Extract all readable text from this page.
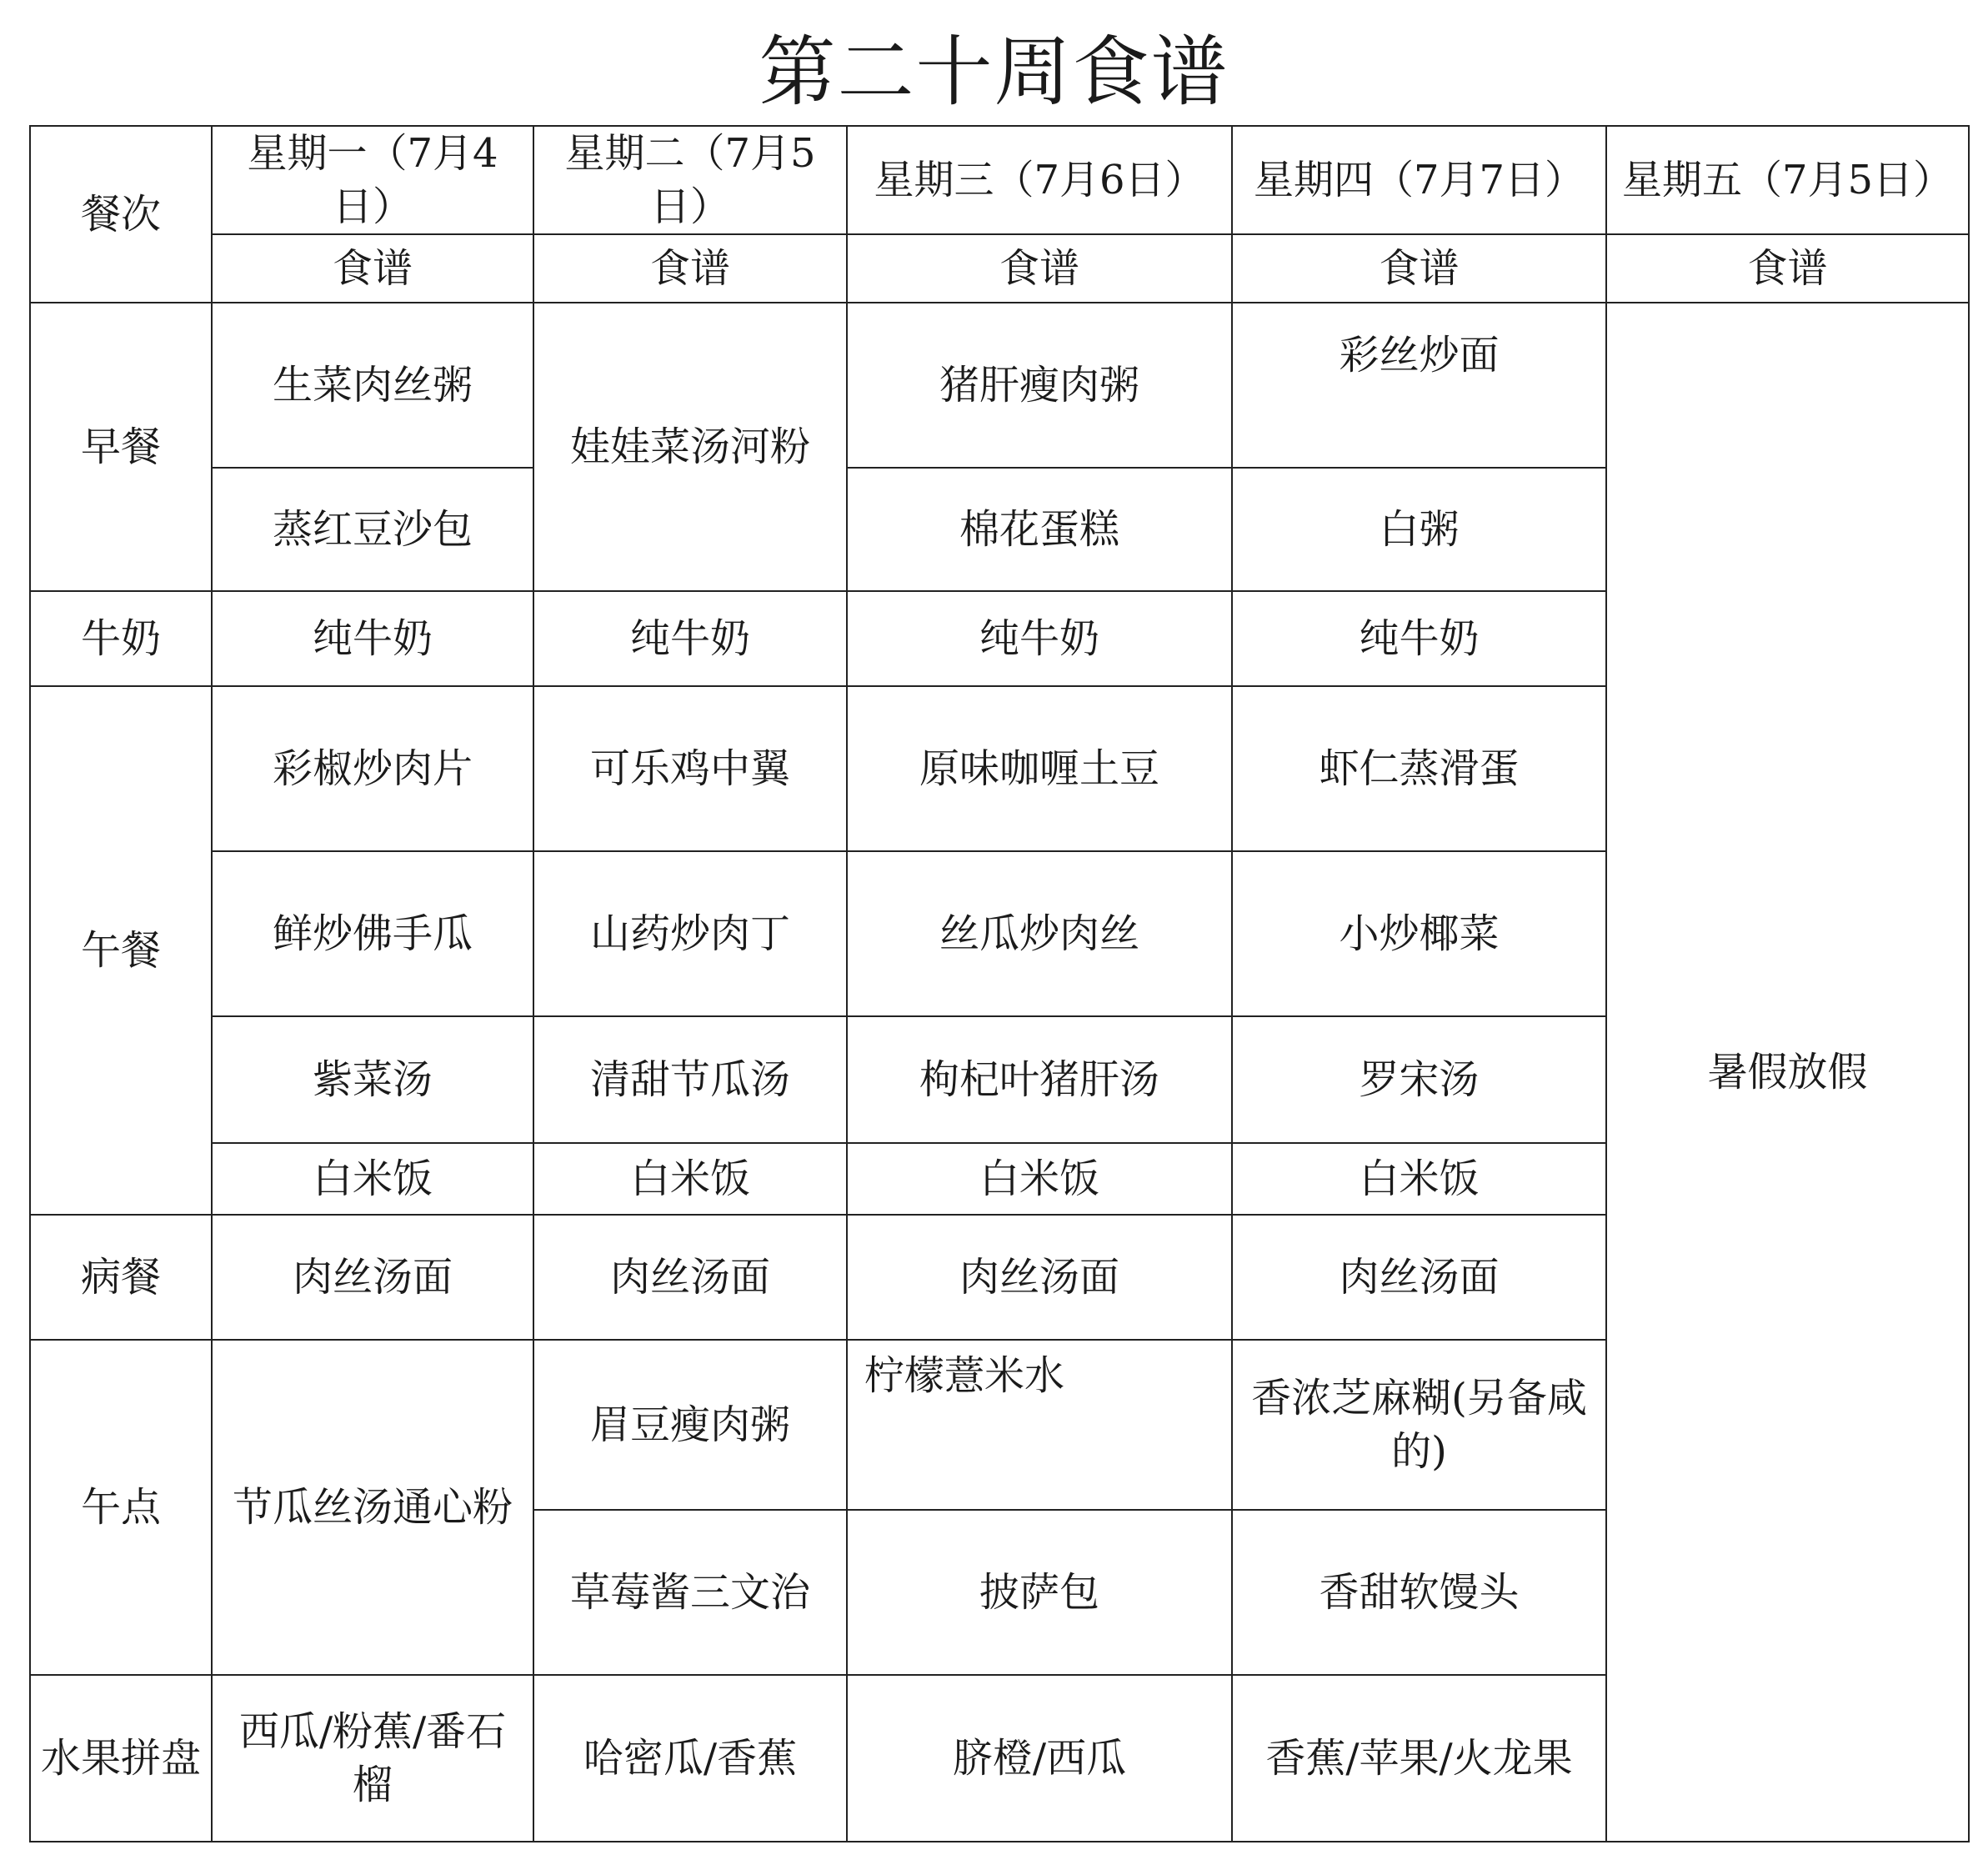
第二十周食谱
餐次	星期一（7月4日）	星期二（7月5日）	星期三（7月6日）	星期四（7月7日）	星期五（7月5日）
	食谱	食谱	食谱	食谱	食谱
早餐	生菜肉丝粥	娃娃菜汤河粉	猪肝瘦肉粥	彩丝炒面	暑假放假
	蒸红豆沙包		棉花蛋糕	白粥	
牛奶	纯牛奶	纯牛奶	纯牛奶	纯牛奶	
午餐	彩椒炒肉片	可乐鸡中翼	原味咖喱土豆	虾仁蒸滑蛋	
	鲜炒佛手瓜	山药炒肉丁	丝瓜炒肉丝	小炒椰菜	
	紫菜汤	清甜节瓜汤	枸杞叶猪肝汤	罗宋汤	
	白米饭	白米饭	白米饭	白米饭	
病餐	肉丝汤面	肉丝汤面	肉丝汤面	肉丝汤面	
午点	节瓜丝汤通心粉	眉豆瘦肉粥	柠檬薏米水	香浓芝麻糊(另备咸的)	
		草莓酱三文治	披萨包	香甜软馒头	
水果拼盘	西瓜/粉蕉/番石榴	哈密瓜/香蕉	脐橙/西瓜	香蕉/苹果/火龙果	
